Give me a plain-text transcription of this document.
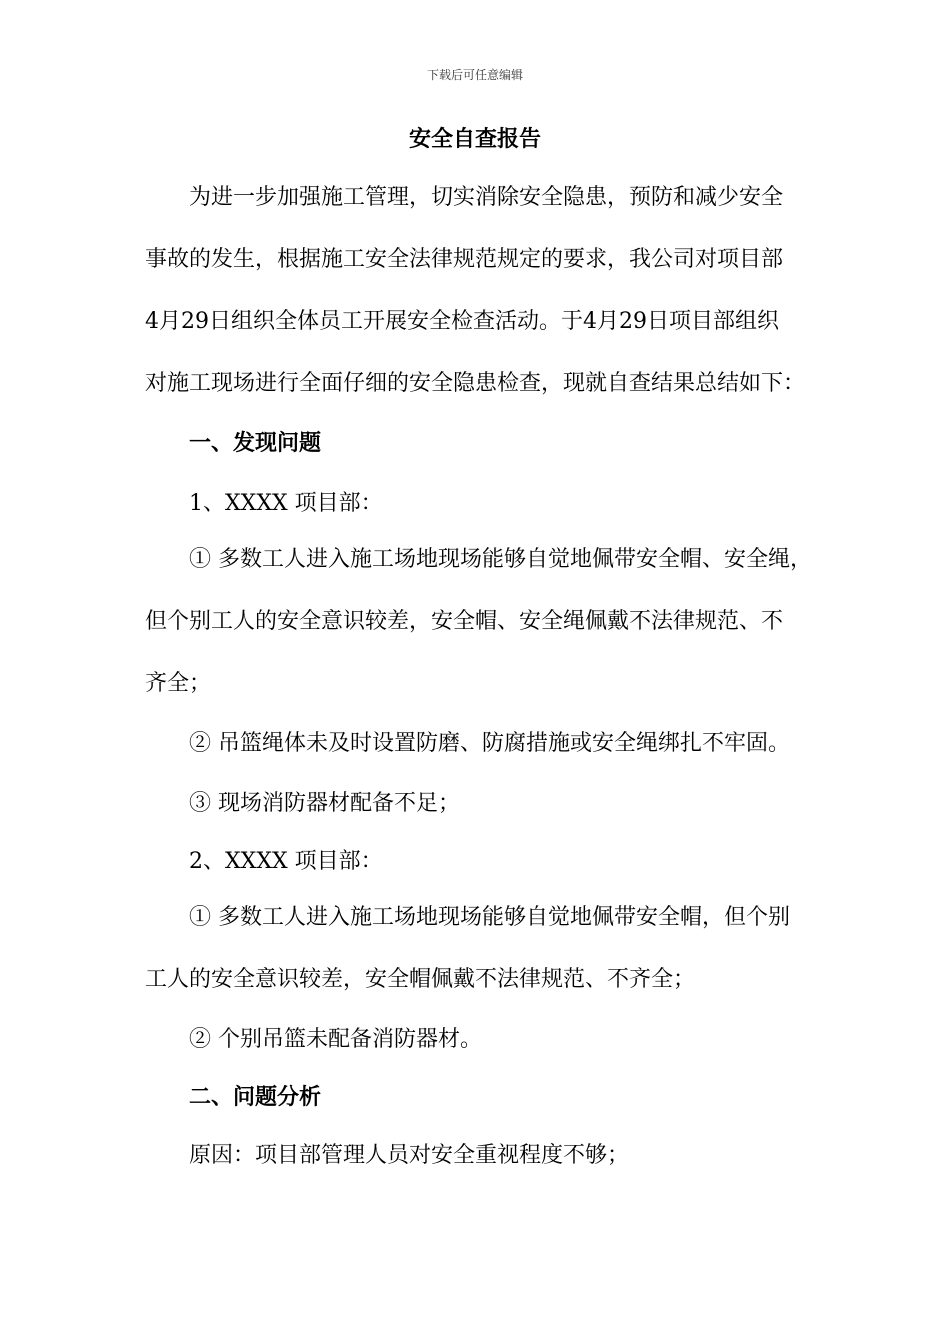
下载后可任意编辑
安全自查报告
为进一步加强施工管理，切实消除安全隐患，预防和减少安全
事故的发生，根据施工安全法律规范规定的要求，我公司对项目部
4月29日组织全体员工开展安全检查活动。于4月29日项目部组织
对施工现场进行全面仔细的安全隐患检查，现就自查结果总结如下：
一、发现问题
1、XXXX 项目部：
① 多数工人进入施工场地现场能够自觉地佩带安全帽、安全绳，
但个别工人的安全意识较差，安全帽、安全绳佩戴不法律规范、不
齐全；
② 吊篮绳体未及时设置防磨、防腐措施或安全绳绑扎不牢固。
③ 现场消防器材配备不足；
2、XXXX 项目部：
① 多数工人进入施工场地现场能够自觉地佩带安全帽，但个别
工人的安全意识较差，安全帽佩戴不法律规范、不齐全；
② 个别吊篮未配备消防器材。
二、问题分析
原因：项目部管理人员对安全重视程度不够；
